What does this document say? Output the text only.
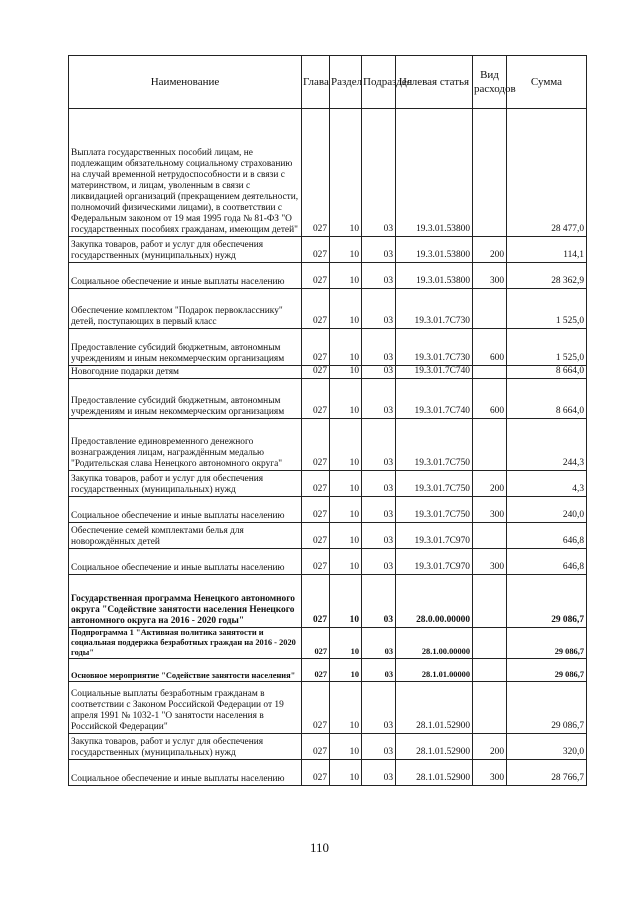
Наименование	Глава	Раздел	Подраздел	Целевая статья	Вид расходов	Сумма
Выплата государственных пособий лицам, не подлежащим обязательному социальному страхованию на случай временной нетрудоспособности и в связи с материнством, и лицам, уволенным в связи с ликвидацией организаций (прекращением деятельности, полномочий физическими лицами), в соответствии с Федеральным законом от 19 мая 1995 года № 81-ФЗ "О государственных пособиях гражданам, имеющим детей"	027	10	03	19.3.01.53800		28 477,0
Закупка товаров, работ и услуг для обеспечения государственных (муниципальных) нужд	027	10	03	19.3.01.53800	200	114,1
Социальное обеспечение и иные выплаты населению	027	10	03	19.3.01.53800	300	28 362,9
Обеспечение комплектом "Подарок первокласснику" детей, поступающих в первый класс	027	10	03	19.3.01.7C730		1 525,0
Предоставление субсидий бюджетным, автономным учреждениям и иным некоммерческим организациям	027	10	03	19.3.01.7C730	600	1 525,0
Новогодние подарки детям	027	10	03	19.3.01.7C740		8 664,0
Предоставление субсидий бюджетным, автономным учреждениям и иным некоммерческим организациям	027	10	03	19.3.01.7C740	600	8 664,0
Предоставление единовременного денежного вознаграждения лицам, награждённым медалью "Родительская слава Ненецкого автономного округа"	027	10	03	19.3.01.7C750		244,3
Закупка товаров, работ и услуг для обеспечения государственных (муниципальных) нужд	027	10	03	19.3.01.7C750	200	4,3
Социальное обеспечение и иные выплаты населению	027	10	03	19.3.01.7C750	300	240,0
Обеспечение семей комплектами белья для новорождённых детей	027	10	03	19.3.01.7C970		646,8
Социальное обеспечение и иные выплаты населению	027	10	03	19.3.01.7C970	300	646,8
Государственная программа Ненецкого автономного округа "Содействие занятости населения Ненецкого автономного округа на 2016 - 2020 годы"	027	10	03	28.0.00.00000		29 086,7
Подпрограмма 1 "Активная политика занятости и социальная поддержка безработных граждан на 2016 - 2020 годы"	027	10	03	28.1.00.00000		29 086,7
Основное мероприятие "Содействие занятости населения"	027	10	03	28.1.01.00000		29 086,7
Социальные выплаты безработным гражданам в соответствии с Законом Российской Федерации от 19 апреля 1991 № 1032-1 "О занятости населения в Российской Федерации"	027	10	03	28.1.01.52900		29 086,7
Закупка товаров, работ и услуг для обеспечения государственных (муниципальных) нужд	027	10	03	28.1.01.52900	200	320,0
Социальное обеспечение и иные выплаты населению	027	10	03	28.1.01.52900	300	28 766,7
110
